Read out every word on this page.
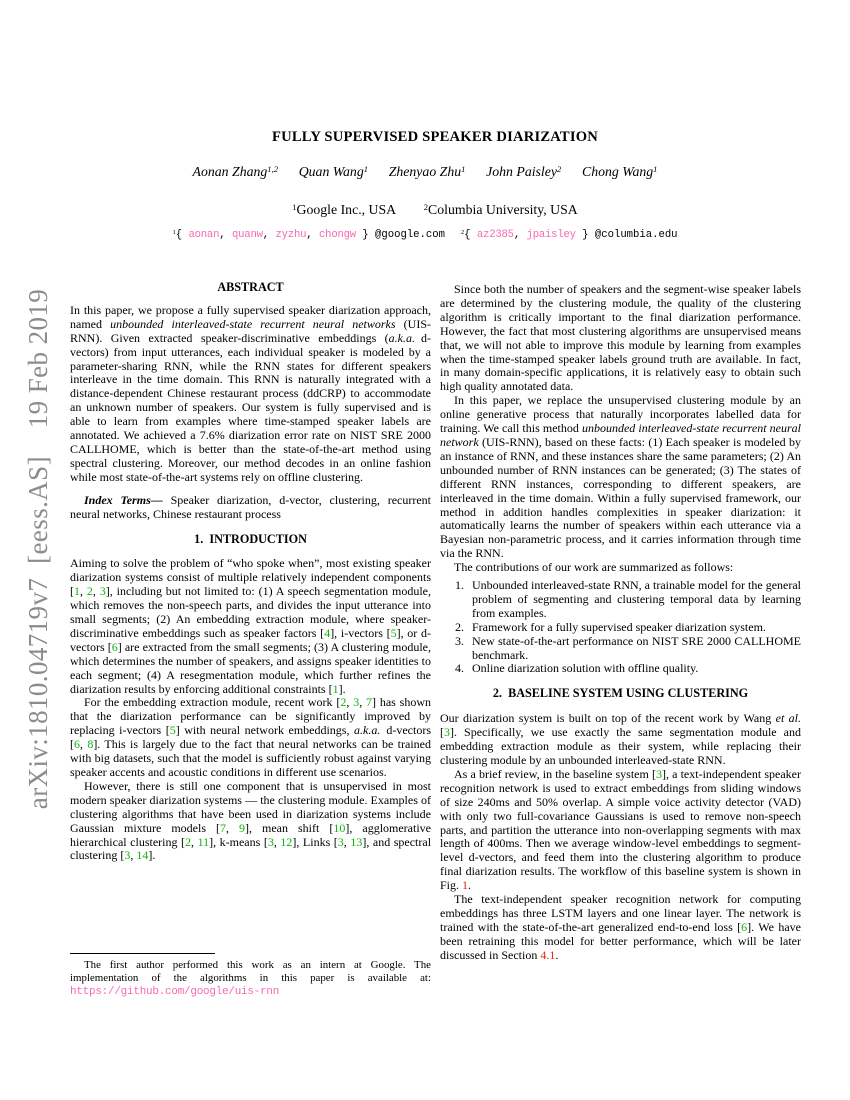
arXiv:1810.04719v7 [eess.AS]  19 Feb 2019
FULLY SUPERVISED SPEAKER DIARIZATION
Aonan Zhang$^{1,2}$   Quan Wang$^1$   Zhenyao Zhu$^1$   John Paisley$^2$   Chong Wang$^1$
$^1$Google Inc., USA  	$^2$Columbia University, USA
$^1${ aonan, quanw, zyzhu, chongw } @google.com   $^2${ az2385, jpaisley } @columbia.edu
ABSTRACT

In this paper, we propose a fully supervised speaker diarization approach, named unbounded interleaved-state recurrent neural networks (UIS-RNN). Given extracted speaker-discriminative embeddings (a.k.a. d-vectors) from input utterances, each individual speaker is modeled by a parameter-sharing RNN, while the RNN states for different speakers interleave in the time domain. This RNN is naturally integrated with a distance-dependent Chinese restaurant process (ddCRP) to accommodate an unknown number of speakers. Our system is fully supervised and is able to learn from examples where time-stamped speaker labels are annotated. We achieved a 7.6% diarization error rate on NIST SRE 2000 CALLHOME, which is better than the state-of-the-art method using spectral clustering. Moreover, our method decodes in an online fashion while most state-of-the-art systems rely on offline clustering.

Index Terms— Speaker diarization, d-vector, clustering, recurrent neural networks, Chinese restaurant process

1. INTRODUCTION

Aiming to solve the problem of “who spoke when”, most existing speaker diarization systems consist of multiple relatively independent components [1, 2, 3], including but not limited to: (1) A speech segmentation module, which removes the non-speech parts, and divides the input utterance into small segments; (2) An embedding extraction module, where speaker-discriminative embeddings such as speaker factors [4], i-vectors [5], or d-vectors [6] are extracted from the small segments; (3) A clustering module, which determines the number of speakers, and assigns speaker identities to each segment; (4) A resegmentation module, which further refines the diarization results by enforcing additional constraints [1].

For the embedding extraction module, recent work [2, 3, 7] has shown that the diarization performance can be significantly improved by replacing i-vectors [5] with neural network embeddings, a.k.a. d-vectors [6, 8]. This is largely due to the fact that neural networks can be trained with big datasets, such that the model is sufficiently robust against varying speaker accents and acoustic conditions in different use scenarios.

However, there is still one component that is unsupervised in most modern speaker diarization systems — the clustering module. Examples of clustering algorithms that have been used in diarization systems include Gaussian mixture models [7, 9], mean shift [10], agglomerative hierarchical clustering [2, 11], k-means [3, 12], Links [3, 13], and spectral clustering [3, 14].

Since both the number of speakers and the segment-wise speaker labels are determined by the clustering module, the quality of the clustering algorithm is critically important to the final diarization performance. However, the fact that most clustering algorithms are unsupervised means that, we will not able to improve this module by learning from examples when the time-stamped speaker labels ground truth are available. In fact, in many domain-specific applications, it is relatively easy to obtain such high quality annotated data.

In this paper, we replace the unsupervised clustering module by an online generative process that naturally incorporates labelled data for training. We call this method unbounded interleaved-state recurrent neural network (UIS-RNN), based on these facts: (1) Each speaker is modeled by an instance of RNN, and these instances share the same parameters; (2) An unbounded number of RNN instances can be generated; (3) The states of different RNN instances, corresponding to different speakers, are interleaved in the time domain. Within a fully supervised framework, our method in addition handles complexities in speaker diarization: it automatically learns the number of speakers within each utterance via a Bayesian non-parametric process, and it carries information through time via the RNN.

The contributions of our work are summarized as follows:

Unbounded interleaved-state RNN, a trainable model for the general problem of segmenting and clustering temporal data by learning from examples.
Framework for a fully supervised speaker diarization system.
New state-of-the-art performance on NIST SRE 2000 CALLHOME benchmark.
Online diarization solution with offline quality.
2. BASELINE SYSTEM USING CLUSTERING

Our diarization system is built on top of the recent work by Wang et al. [3]. Specifically, we use exactly the same segmentation module and embedding extraction module as their system, while replacing their clustering module by an unbounded interleaved-state RNN.

As a brief review, in the baseline system [3], a text-independent speaker recognition network is used to extract embeddings from sliding windows of size 240ms and 50% overlap. A simple voice activity detector (VAD) with only two full-covariance Gaussians is used to remove non-speech parts, and partition the utterance into non-overlapping segments with max length of 400ms. Then we average window-level embeddings to segment-level d-vectors, and feed them into the clustering algorithm to produce final diarization results. The workflow of this baseline system is shown in Fig. 1.

The text-independent speaker recognition network for computing embeddings has three LSTM layers and one linear layer. The network is trained with the state-of-the-art generalized end-to-end loss [6]. We have been retraining this model for better performance, which will be later discussed in Section 4.1.

The first author performed this work as an intern at Google. The implementation of the algorithms in this paper is available at: https://github.com/google/uis-rnn
